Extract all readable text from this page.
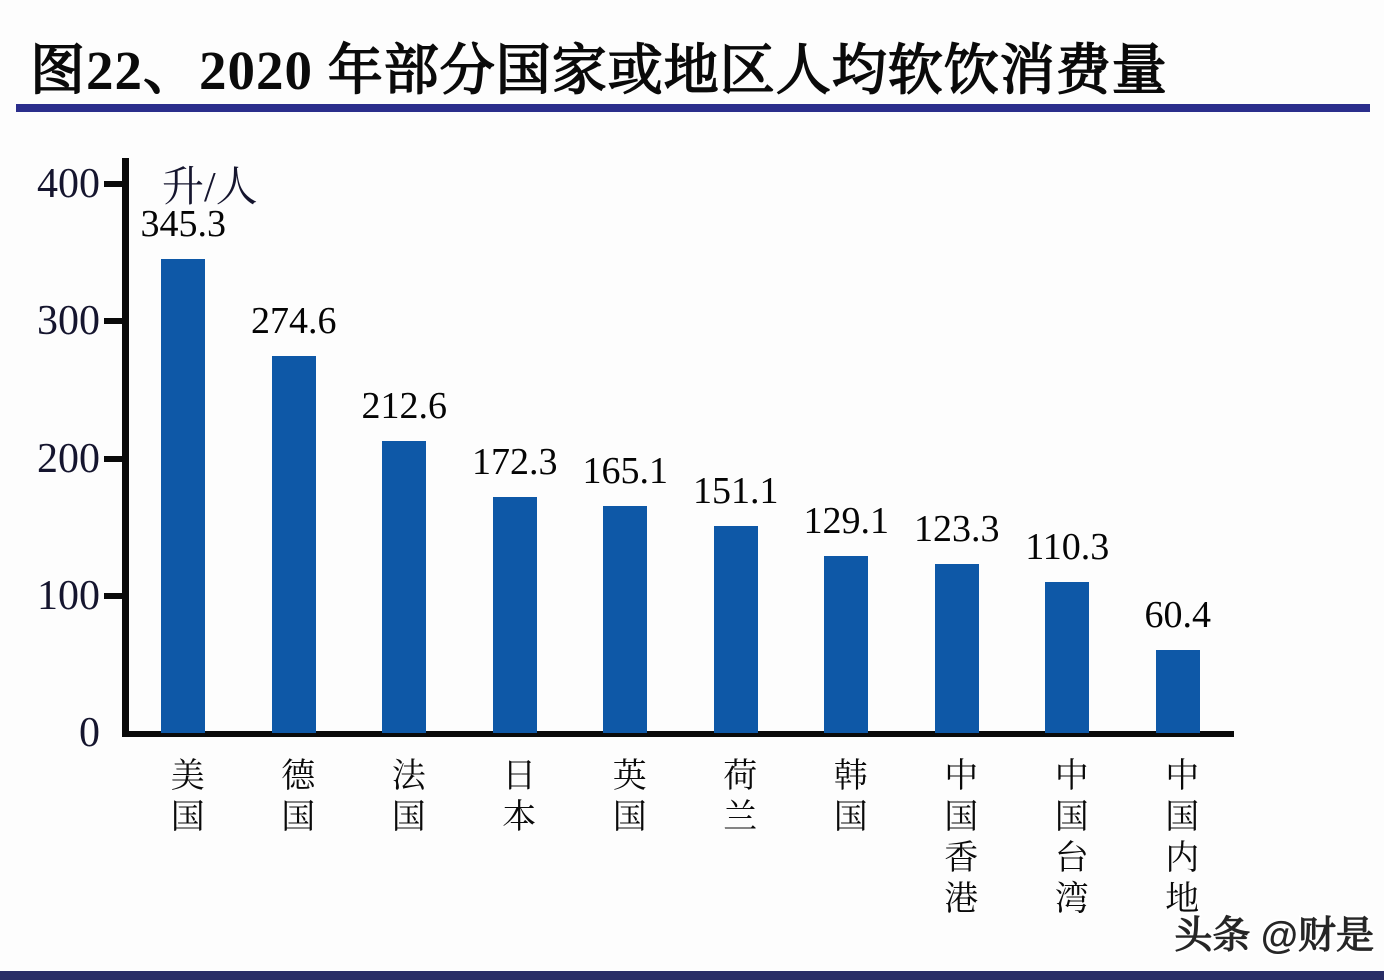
图22、2020 年部分国家或地区人均软饮消费量
升/人
0
100
200
300
400
345.3
美国
274.6
德国
212.6
法国
172.3
日本
165.1
英国
151.1
荷兰
129.1
韩国
123.3
中国香港
110.3
中国台湾
60.4
中国内地
头条 @财是
